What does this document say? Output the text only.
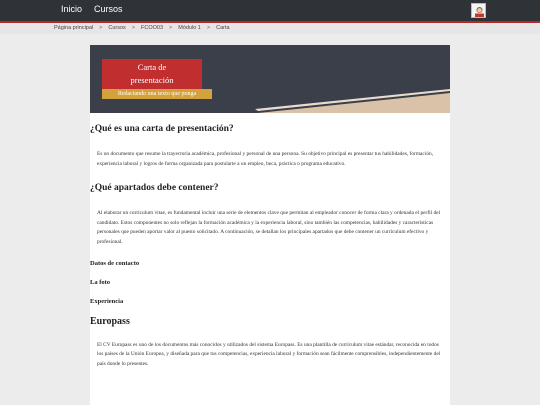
Inicio Cursos
Página principal > Cursos > FCOO03 > Módulo 1 > Carta
Carta de
presentación
Redactando una texto que ponga
¿Qué es una carta de presentación?

Es un documento que resume la trayectoria académica, profesional y personal de una persona. Su objetivo principal es presentar tus habilidades, formación, experiencia laboral y logros de forma organizada para postularte a un empleo, beca, práctica o programa educativo.

¿Qué apartados debe contener?

Al elaborar un currículum vitae, es fundamental incluir una serie de elementos clave que permitan al empleador conocer de forma clara y ordenada el perfil del candidato. Estos componentes no solo reflejan la formación académica y la experiencia laboral, sino también las competencias, habilidades y características personales que pueden aportar valor al puesto solicitado. A continuación, se detallan los principales apartados que debe contener un currículum efectivo y profesional.

Datos de contacto
La foto
Experiencia
Europass

El CV Europass es uno de los documentos más conocidos y utilizados del sistema Europass. Es una plantilla de currículum vitae estándar, reconocida en todos los países de la Unión Europea, y diseñada para que tus competencias, experiencia laboral y formación sean fácilmente comprensibles, independientemente del país donde lo presentes.
